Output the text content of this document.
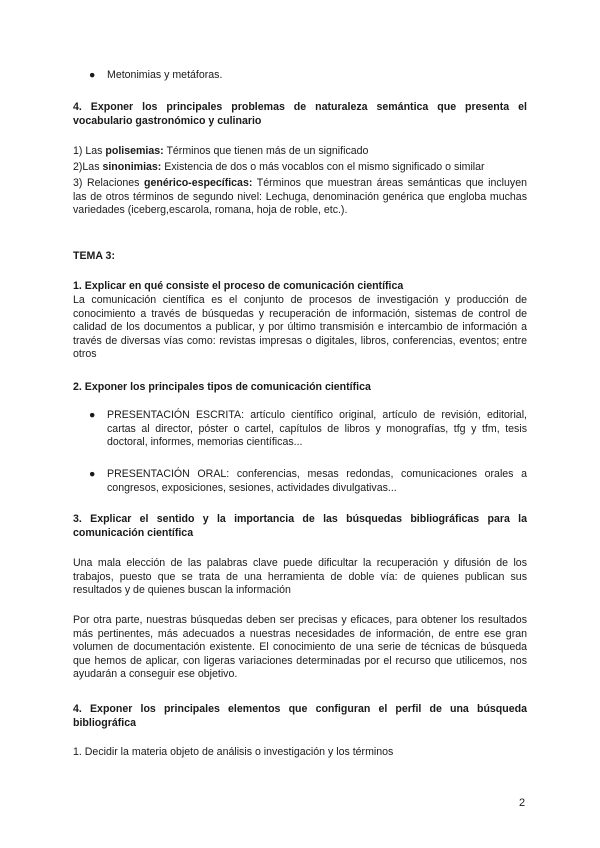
● Metonimias y metáforas.
4. Exponer los principales problemas de naturaleza semántica que presenta el vocabulario gastronómico y culinario
1) Las polisemias: Términos que tienen más de un significado
2)Las sinonimias: Existencia de dos o más vocablos con el mismo significado o similar
3) Relaciones genérico-específicas: Términos que muestran áreas semánticas que incluyen las de otros términos de segundo nivel: Lechuga, denominación genérica que engloba muchas variedades (iceberg,escarola, romana, hoja de roble, etc.).
TEMA 3:
1. Explicar en qué consiste el proceso de comunicación científica
La comunicación científica es el conjunto de procesos de investigación y producción de conocimiento a través de búsquedas y recuperación de información, sistemas de control de calidad de los documentos a publicar, y por último transmisión e intercambio de información a través de diversas vías como: revistas impresas o digitales, libros, conferencias, eventos; entre otros
2. Exponer los principales tipos de comunicación científica
● PRESENTACIÓN ESCRITA: artículo científico original, artículo de revisión, editorial, cartas al director, póster o cartel, capítulos de libros y monografías, tfg y tfm, tesis doctoral, informes, memorias científicas...
● PRESENTACIÓN ORAL: conferencias, mesas redondas, comunicaciones orales a congresos, exposiciones, sesiones, actividades divulgativas...
3. Explicar el sentido y la importancia de las búsquedas bibliográficas para la comunicación científica
Una mala elección de las palabras clave puede dificultar la recuperación y difusión de los trabajos, puesto que se trata de una herramienta de doble vía: de quienes publican sus resultados y de quienes buscan la información
Por otra parte, nuestras búsquedas deben ser precisas y eficaces, para obtener los resultados más pertinentes, más adecuados a nuestras necesidades de información, de entre ese gran volumen de documentación existente. El conocimiento de una serie de técnicas de búsqueda que hemos de aplicar, con ligeras variaciones determinadas por el recurso que utilicemos, nos ayudarán a conseguir ese objetivo.
4. Exponer los principales elementos que configuran el perfil de una búsqueda bibliográfica
1. Decidir la materia objeto de análisis o investigación y los términos
2
